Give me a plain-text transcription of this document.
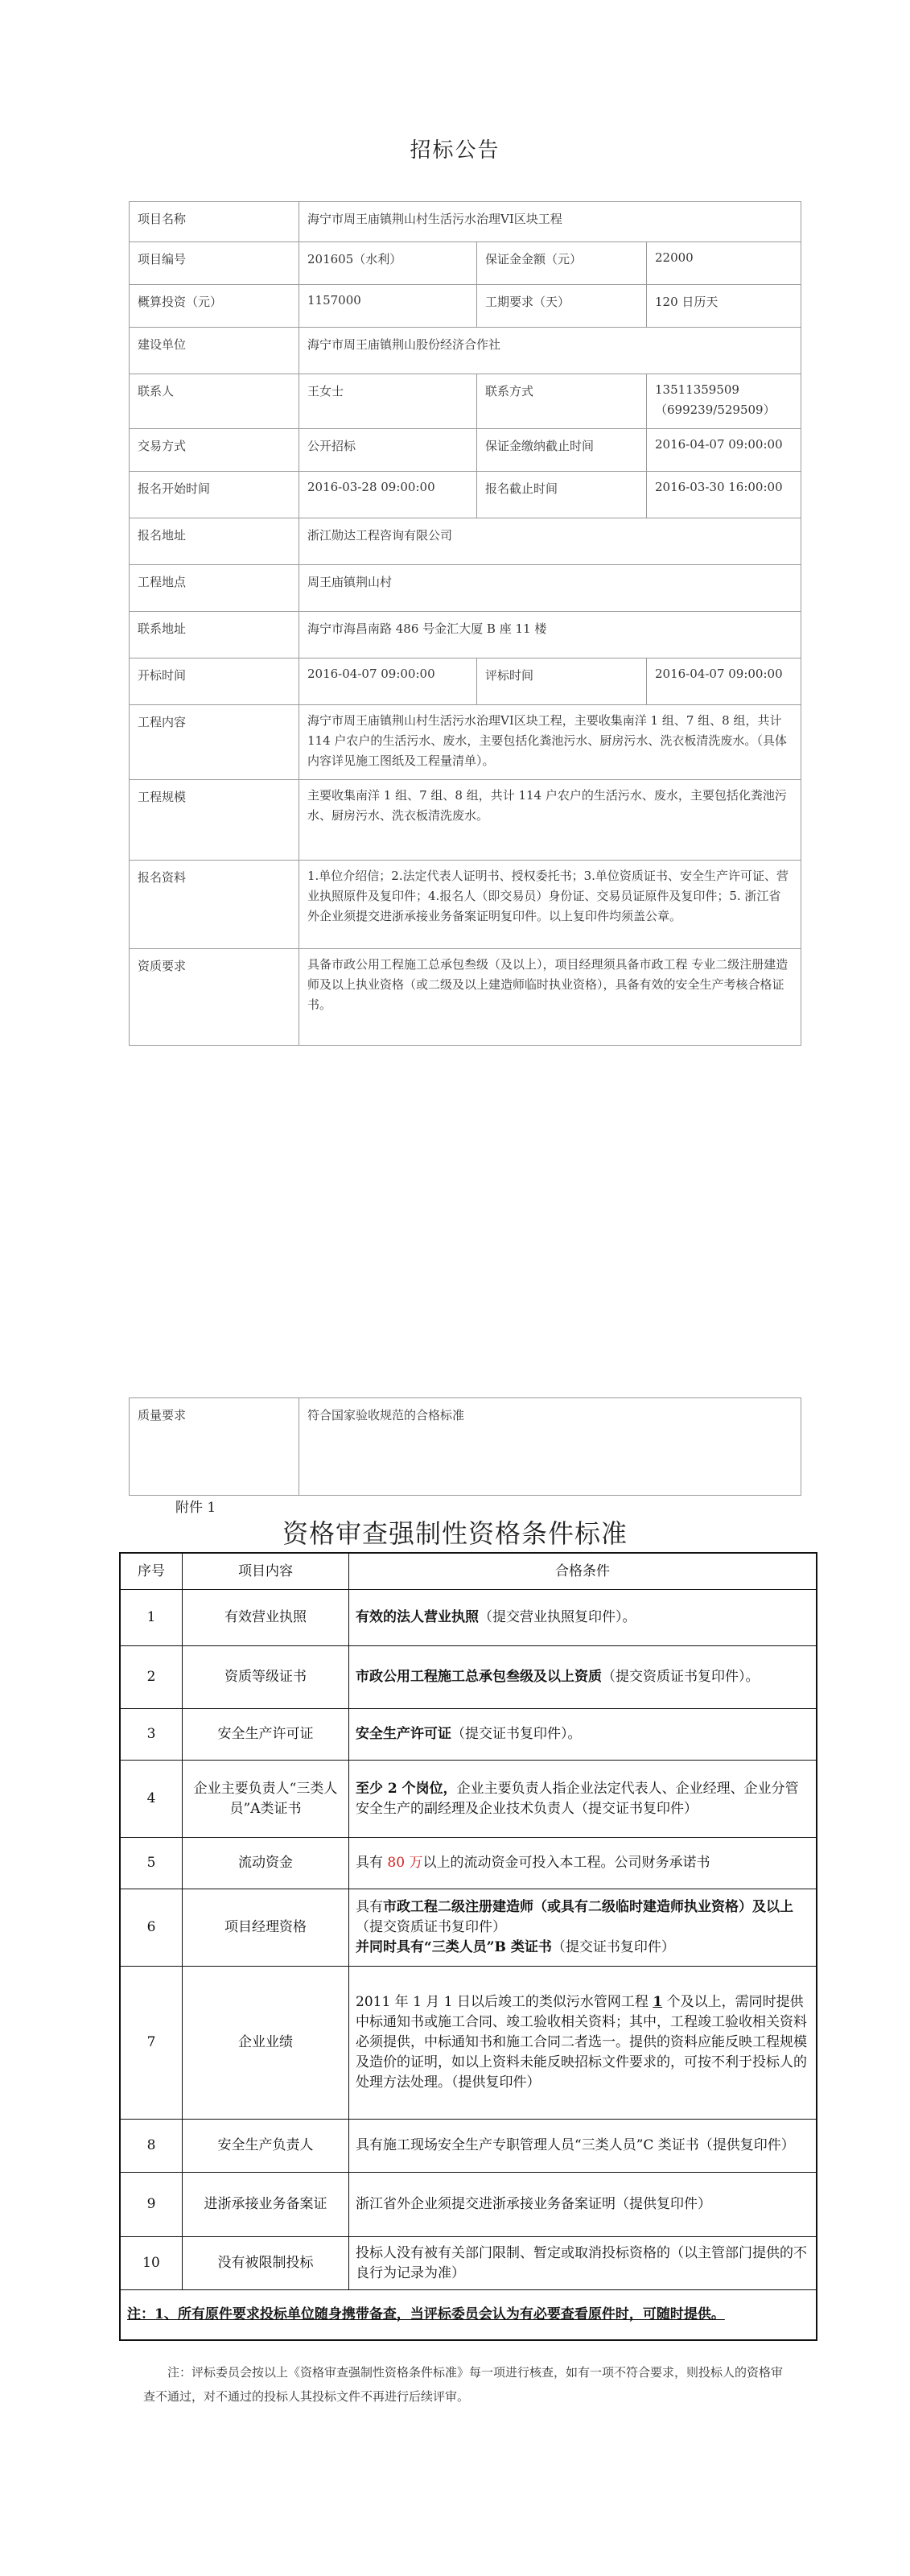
招标公告
项目名称	海宁市周王庙镇荆山村生活污水治理VI区块工程		
项目编号	201605（水利）	保证金金额（元）	22000
概算投资（元）	1157000	工期要求（天）	120 日历天
建设单位	海宁市周王庙镇荆山股份经济合作社		
联系人	王女士	联系方式	13511359509
（699239/529509）

交易方式	公开招标	保证金缴纳截止时间	2016-04-07 09:00:00
报名开始时间	2016-03-28 09:00:00	报名截止时间	2016-03-30 16:00:00
报名地址	浙江勋达工程咨询有限公司		
工程地点	周王庙镇荆山村		
联系地址	海宁市海昌南路 486 号金汇大厦 B 座 11 楼		
开标时间	2016-04-07 09:00:00	评标时间	2016-04-07 09:00:00
工程内容	海宁市周王庙镇荆山村生活污水治理VI区块工程，主要收集南洋 1 组、7 组、8 组，共计 114 户农户的生活污水、废水，主要包括化粪池污水、厨房污水、洗衣板清洗废水。（具体内容详见施工图纸及工程量清单）。		
工程规模	主要收集南洋 1 组、7 组、8 组，共计 114 户农户的生活污水、废水，主要包括化粪池污水、厨房污水、洗衣板清洗废水。		
报名资料	1.单位介绍信；2.法定代表人证明书、授权委托书；3.单位资质证书、安全生产许可证、营业执照原件及复印件；4.报名人（即交易员）身份证、交易员证原件及复印件；5. 浙江省外企业须提交进浙承接业务备案证明复印件。以上复印件均须盖公章。		
资质要求	具备市政公用工程施工总承包叁级（及以上），项目经理须具备市政工程 专业二级注册建造师及以上执业资格（或二级及以上建造师临时执业资格），具备有效的安全生产考核合格证书。		
质量要求	符合国家验收规范的合格标准
附件 1
资格审查强制性资格条件标准
序号	项目内容	合格条件
1	有效营业执照	有效的法人营业执照（提交营业执照复印件）。
2	资质等级证书	市政公用工程施工总承包叁级及以上资质（提交资质证书复印件）。
3	安全生产许可证	安全生产许可证（提交证书复印件）。
4	企业主要负责人“三类人员”A类证书	至少 2 个岗位，企业主要负责人指企业法定代表人、企业经理、企业分管安全生产的副经理及企业技术负责人（提交证书复印件）
5	流动资金	具有 80 万以上的流动资金可投入本工程。公司财务承诺书
6	项目经理资格	具有市政工程二级注册建造师（或具有二级临时建造师执业资格）及以上（提交资质证书复印件）
并同时具有“三类人员”B 类证书（提交证书复印件）
7	企业业绩	2011 年 1 月 1 日以后竣工的类似污水管网工程 1 个及以上，需同时提供中标通知书或施工合同、竣工验收相关资料；其中，工程竣工验收相关资料必须提供，中标通知书和施工合同二者选一。提供的资料应能反映工程规模及造价的证明，如以上资料未能反映招标文件要求的，可按不利于投标人的处理方法处理。（提供复印件）
8	安全生产负责人	具有施工现场安全生产专职管理人员“三类人员”C 类证书（提供复印件）
9	进浙承接业务备案证	浙江省外企业须提交进浙承接业务备案证明（提供复印件）
10	没有被限制投标	投标人没有被有关部门限制、暂定或取消投标资格的（以主管部门提供的不良行为记录为准）
注：1、所有原件要求投标单位随身携带备查，当评标委员会认为有必要查看原件时，可随时提供。		
注：评标委员会按以上《资格审查强制性资格条件标准》每一项进行核查，如有一项不符合要求，则投标人的资格审查不通过，对不通过的投标人其投标文件不再进行后续评审。
